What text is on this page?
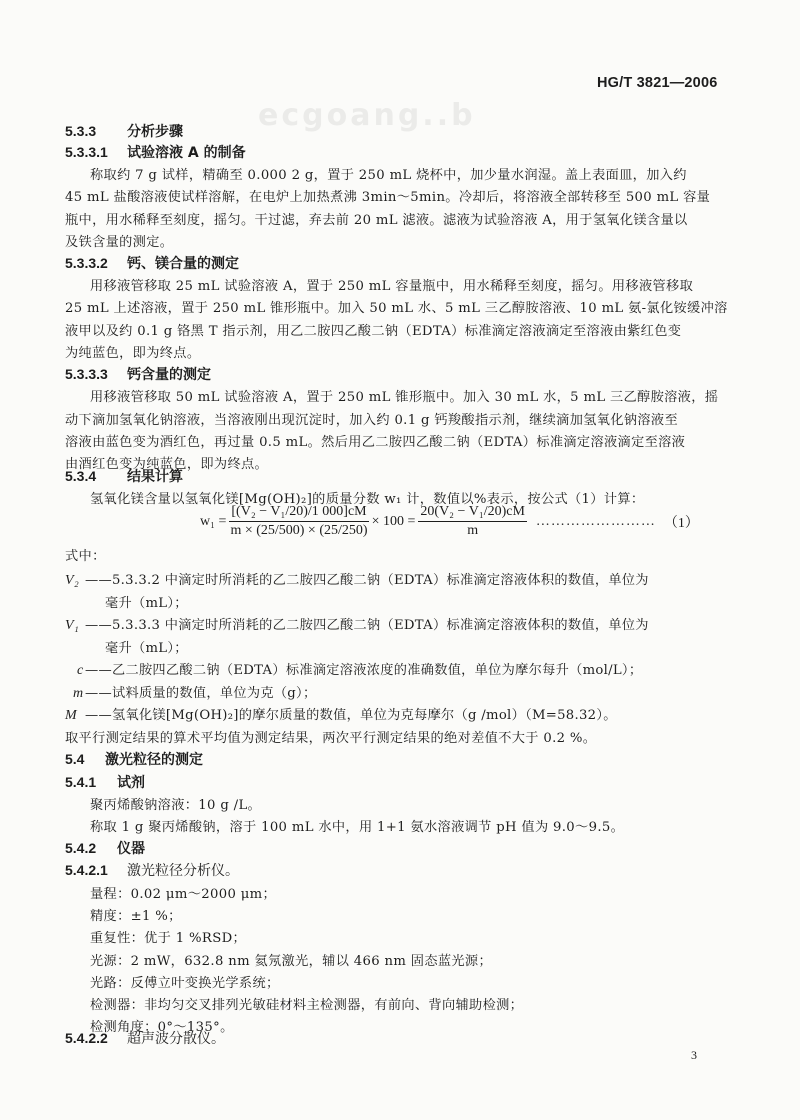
ecgoang..b
HG/T 3821—2006
5.3.3 分析步骤
5.3.3.1 试验溶液 A 的制备
称取约 7 g 试样，精确至 0.000 2 g，置于 250 mL 烧杯中，加少量水润湿。盖上表面皿，加入约
45 mL 盐酸溶液使试样溶解，在电炉上加热煮沸 3min～5min。冷却后，将溶液全部转移至 500 mL 容量
瓶中，用水稀释至刻度，摇匀。干过滤，弃去前 20 mL 滤液。滤液为试验溶液 A，用于氢氧化镁含量以
及铁含量的测定。
5.3.3.2 钙、镁合量的测定
用移液管移取 25 mL 试验溶液 A，置于 250 mL 容量瓶中，用水稀释至刻度，摇匀。用移液管移取
25 mL 上述溶液，置于 250 mL 锥形瓶中。加入 50 mL 水、5 mL 三乙醇胺溶液、10 mL 氨-氯化铵缓冲溶
液甲以及约 0.1 g 铬黑 T 指示剂，用乙二胺四乙酸二钠（EDTA）标准滴定溶液滴定至溶液由紫红色变
为纯蓝色，即为终点。
5.3.3.3 钙含量的测定
用移液管移取 50 mL 试验溶液 A，置于 250 mL 锥形瓶中。加入 30 mL 水，5 mL 三乙醇胺溶液，摇
动下滴加氢氧化钠溶液，当溶液刚出现沉淀时，加入约 0.1 g 钙羧酸指示剂，继续滴加氢氧化钠溶液至
溶液由蓝色变为酒红色，再过量 0.5 mL。然后用乙二胺四乙酸二钠（EDTA）标准滴定溶液滴定至溶液
由酒红色变为纯蓝色，即为终点。
5.3.4 结果计算
氢氧化镁含量以氢氧化镁[Mg(OH)₂]的质量分数 w₁ 计，数值以%表示，按公式（1）计算：
$w_1 = \frac{\text{[(V₂ − V₁/20)/1 000]cM}}{m \times (25/500) \times (25/250)} \times 100 = \frac{\text{20(V₂ − V₁/20)cM}}{m}$ …………………… （1）
式中：
V₂ ——5.3.3.2 中滴定时所消耗的乙二胺四乙酸二钠（EDTA）标准滴定溶液体积的数值，单位为
毫升（mL）；
V₁ ——5.3.3.3 中滴定时所消耗的乙二胺四乙酸二钠（EDTA）标准滴定溶液体积的数值，单位为
毫升（mL）；
c——乙二胺四乙酸二钠（EDTA）标准滴定溶液浓度的准确数值，单位为摩尔每升（mol/L）；
m ——试料质量的数值，单位为克（g）；
M ——氢氧化镁[Mg(OH)₂]的摩尔质量的数值，单位为克每摩尔（g /mol）（M=58.32）。
取平行测定结果的算术平均值为测定结果，两次平行测定结果的绝对差值不大于 0.2 %。
5.4 激光粒径的测定
5.4.1 试剂
聚丙烯酸钠溶液：10 g /L。
称取 1 g 聚丙烯酸钠，溶于 100 mL 水中，用 1+1 氨水溶液调节 pH 值为 9.0～9.5。
5.4.2 仪器
5.4.2.1 激光粒径分析仪。
量程：0.02 μm～2000 μm；
精度：±1 %；
重复性：优于 1 %RSD；
光源：2 mW，632.8 nm 氦氖激光，辅以 466 nm 固态蓝光源；
光路：反傅立叶变换光学系统；
检测器：非均匀交叉排列光敏硅材料主检测器，有前向、背向辅助检测；
检测角度：0°～135°。
5.4.2.2 超声波分散仪。
3
